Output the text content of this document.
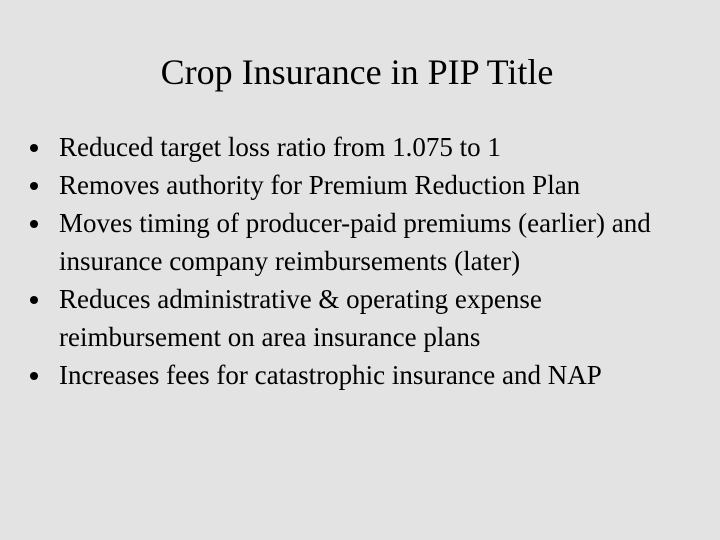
Crop Insurance in PIP Title
Reduced target loss ratio from 1.075 to 1
Removes authority for Premium Reduction Plan
Moves timing of producer-paid premiums (earlier) and insurance company reimbursements (later)
Reduces administrative & operating expense reimbursement on area insurance plans
Increases fees for catastrophic insurance and NAP
